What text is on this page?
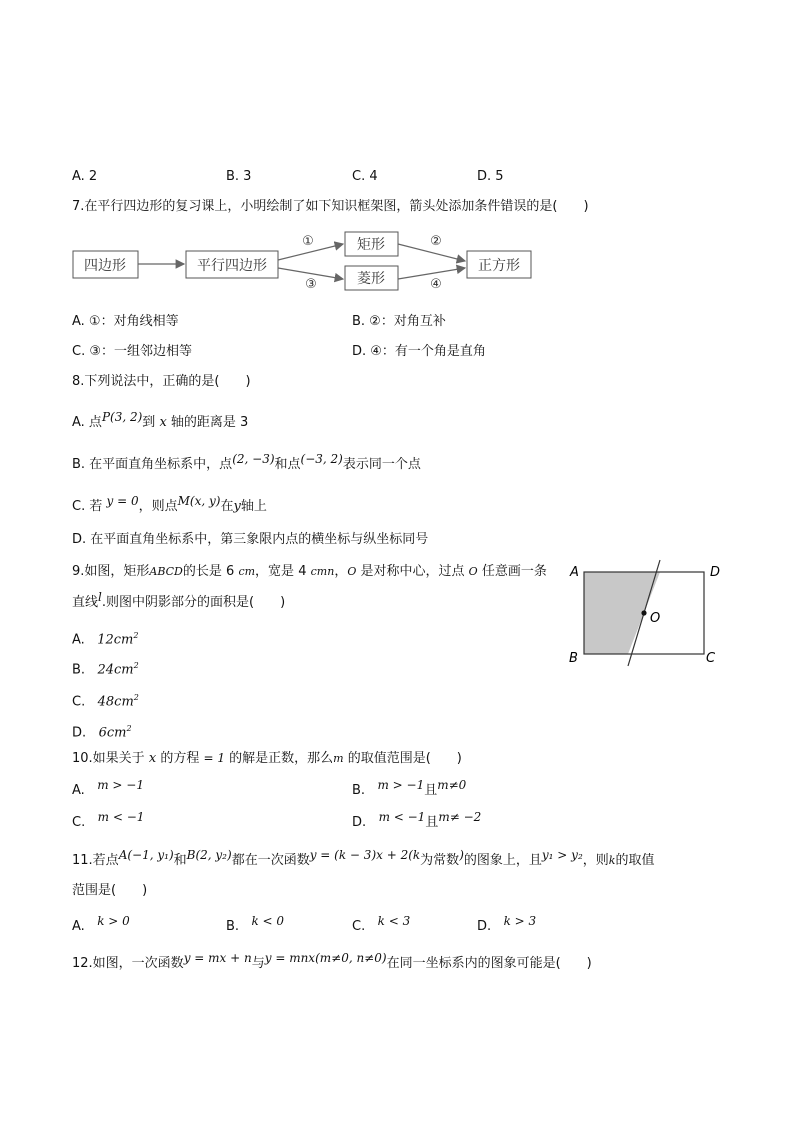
A. 2	B. 3	C. 4	D. 5
7.在平行四边形的复习课上，小明绘制了如下知识框架图，箭头处添加条件错误的是(　　)
四边形	平行四边形
矩形
菱形
正方形
①	②
③	④
A. ①：对角线相等	B. ②：对角互补
C. ③：一组邻边相等	D. ④：有一个角是直角
8.下列说法中，正确的是(　　)
A. 点P(3, 2)到 x 轴的距离是 3
B. 在平面直角坐标系中，点(2, −3)和点(−3, 2)表示同一个点
C. 若 y = 0，则点M(x, y)在y轴上
D. 在平面直角坐标系中，第三象限内点的横坐标与纵坐标同号
9.如图，矩形ABCD的长是 6 cm，宽是 4 cmn，O 是对称中心，过点 O 任意画一条
直线l.则图中阴影部分的面积是(　　)
A. $12cm^2$
B. $24cm^2$
C. $48cm^2$
D. $6cm^2$
A	D
B	C
O
10.如果关于 x 的方程 = 1 的解是正数，那么m 的取值范围是(　　)
A. m > −1	B. m > −1且m≠0
C. m < −1	D. m < −1且m≠ −2
11.若点A(−1, y₁)和B(2, y₂)都在一次函数y = (k − 3)x + 2(k为常数)的图象上，且y₁ > y₂，则k的取值
范围是(　　)
A. k > 0	B. k < 0	C. k < 3	D. k > 3
12.如图，一次函数y = mx + n与y = mnx(m≠0, n≠0)在同一坐标系内的图象可能是(　　)
